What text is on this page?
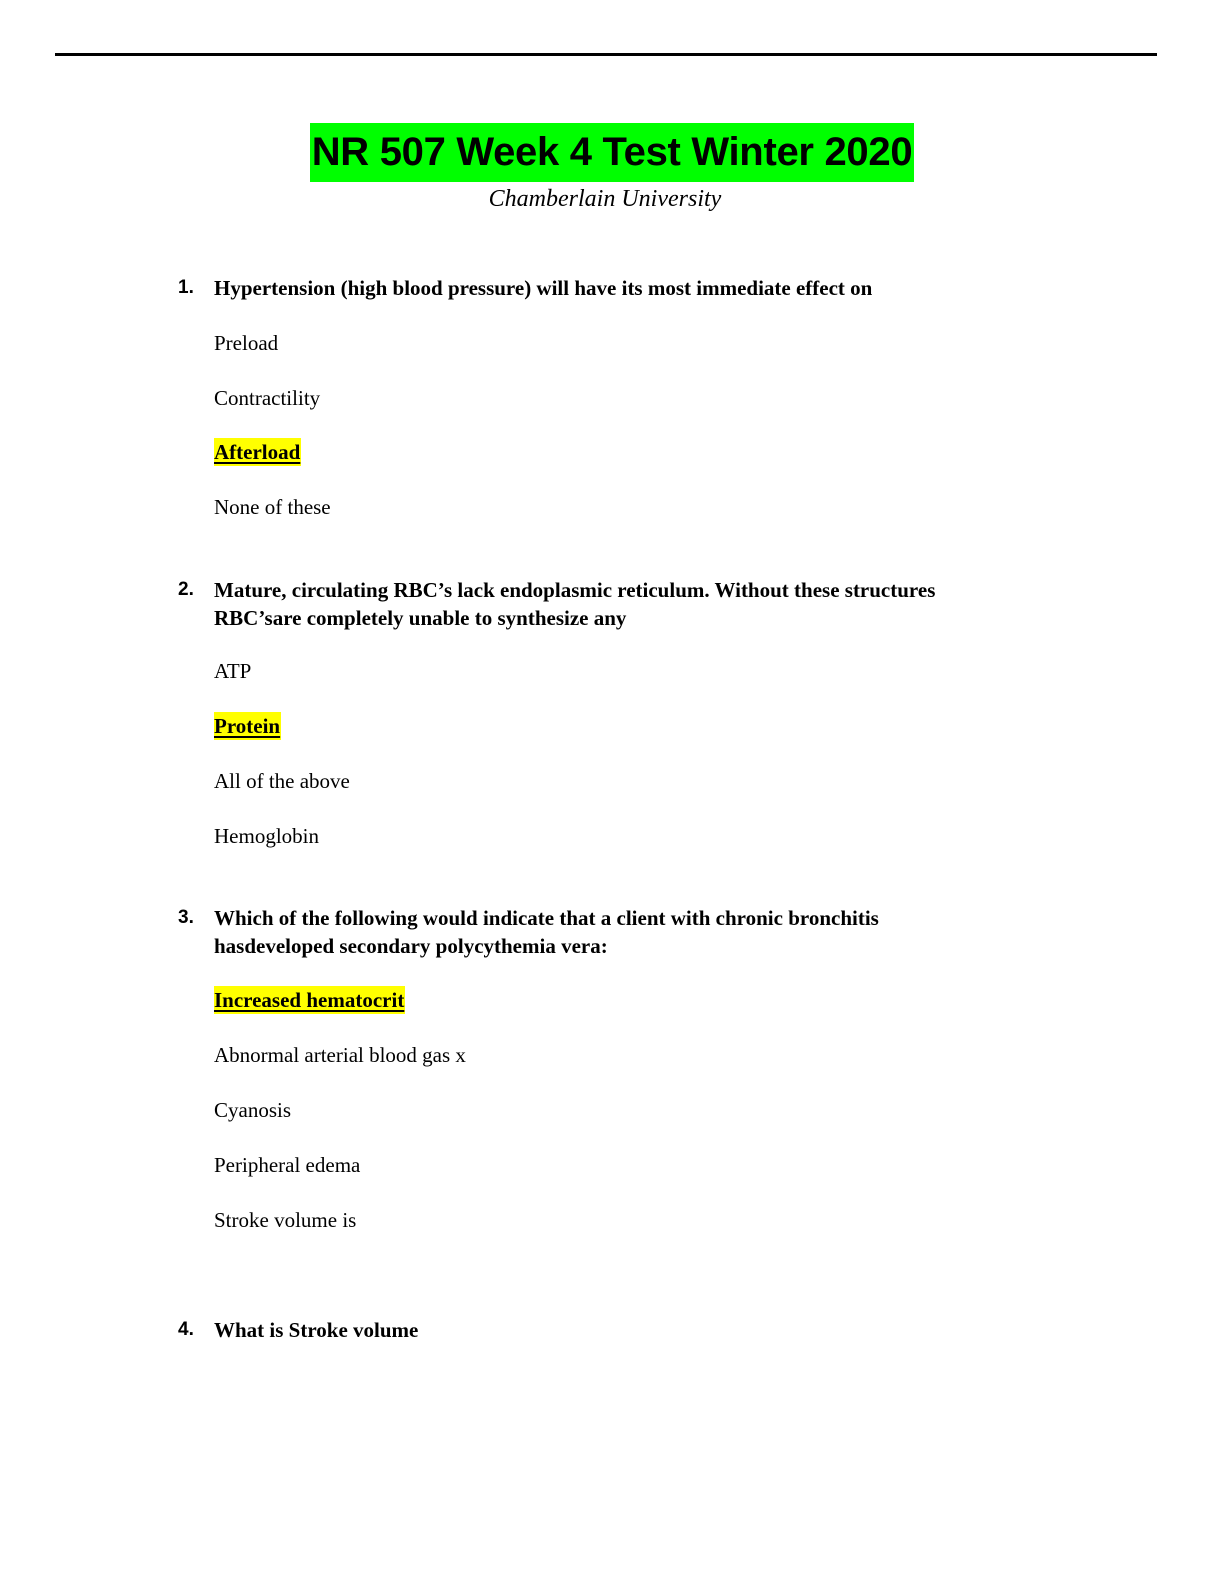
NR 507 Week 4 Test Winter 2020
Chamberlain University
1. Hypertension (high blood pressure) will have its most immediate effect on
Preload
Contractility
Afterload
None of these
2. Mature, circulating RBC’s lack endoplasmic reticulum. Without these structures
RBC’sare completely unable to synthesize any
ATP
Protein
All of the above
Hemoglobin
3. Which of the following would indicate that a client with chronic bronchitis
hasdeveloped secondary polycythemia vera:
Increased hematocrit
Abnormal arterial blood gas x
Cyanosis
Peripheral edema
Stroke volume is
4. What is Stroke volume
